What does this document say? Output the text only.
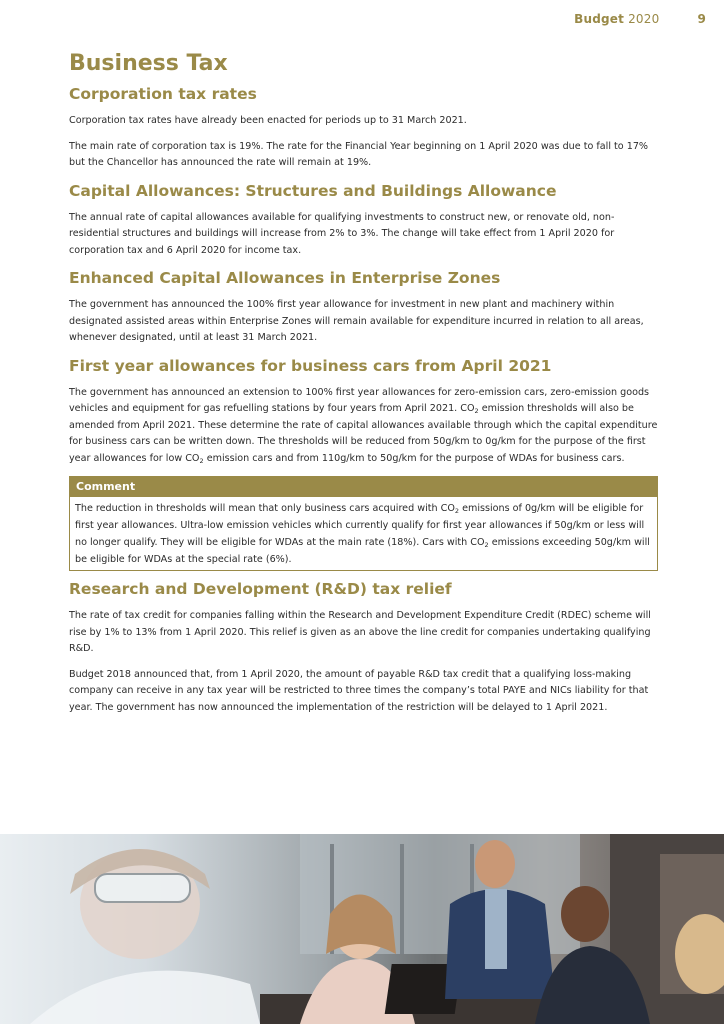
Budget 2020	9
Business Tax
Corporation tax rates

Corporation tax rates have already been enacted for periods up to 31 March 2021.

The main rate of corporation tax is 19%. The rate for the Financial Year beginning on 1 April 2020 was due to fall to 17% but the Chancellor has announced the rate will remain at 19%.

Capital Allowances: Structures and Buildings Allowance

The annual rate of capital allowances available for qualifying investments to construct new, or renovate old, non-residential structures and buildings will increase from 2% to 3%. The change will take effect from 1 April 2020 for corporation tax and 6 April 2020 for income tax.

Enhanced Capital Allowances in Enterprise Zones

The government has announced the 100% first year allowance for investment in new plant and machinery within designated assisted areas within Enterprise Zones will remain available for expenditure incurred in relation to all areas, whenever designated, until at least 31 March 2021.

First year allowances for business cars from April 2021

The government has announced an extension to 100% first year allowances for zero-emission cars, zero-emission goods vehicles and equipment for gas refuelling stations by four years from April 2021. $CO_2$ emission thresholds will also be amended from April 2021. These determine the rate of capital allowances available through which the capital expenditure for business cars can be written down. The thresholds will be reduced from 50g/km to 0g/km for the purpose of the first year allowances for low $CO_2$ emission cars and from 110g/km to 50g/km for the purpose of WDAs for business cars.

Comment

The reduction in thresholds will mean that only business cars acquired with $CO_2$ emissions of 0g/km will be eligible for first year allowances. Ultra-low emission vehicles which currently qualify for first year allowances if 50g/km or less will no longer qualify. They will be eligible for WDAs at the main rate (18%). Cars with $CO_2$ emissions exceeding 50g/km will be eligible for WDAs at the special rate (6%).

Research and Development (R&D) tax relief

The rate of tax credit for companies falling within the Research and Development Expenditure Credit (RDEC) scheme will rise by 1% to 13% from 1 April 2020. This relief is given as an above the line credit for companies undertaking qualifying R&D.

Budget 2018 announced that, from 1 April 2020, the amount of payable R&D tax credit that a qualifying loss-making company can receive in any tax year will be restricted to three times the company’s total PAYE and NICs liability for that year. The government has now announced the implementation of the restriction will be delayed to 1 April 2021.
